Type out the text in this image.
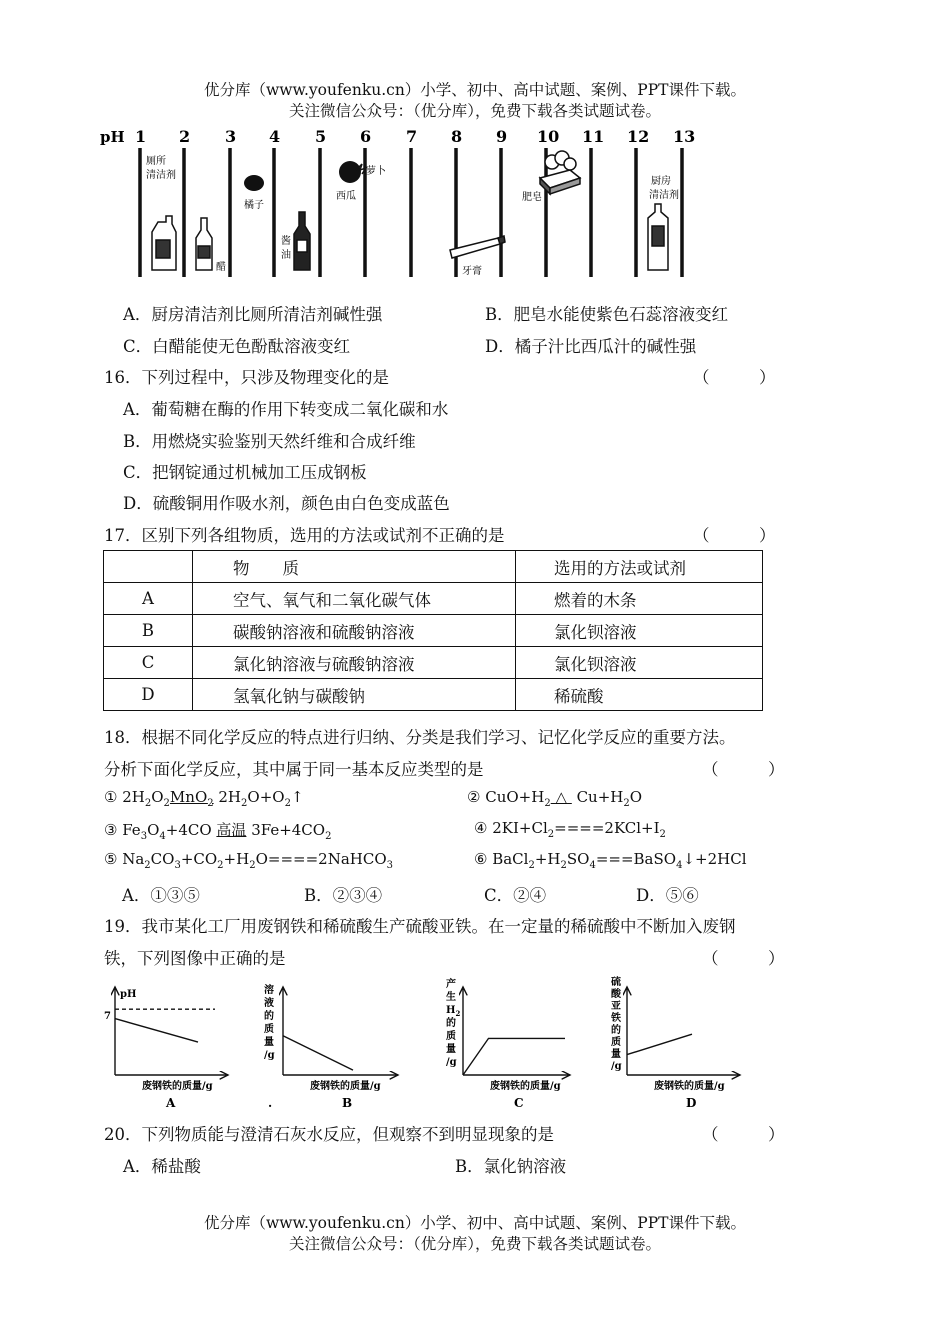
优分库（www.youfenku.cn）小学、初中、高中试题、案例、PPT课件下载。
关注微信公众号：（优分库），免费下载各类试题试卷。
pH 1 2 3 4 5 6 7 8 9 10 11 12 13
厕所
清洁剂
醋
橘子
酱
油
西瓜
萝卜
牙膏
肥皂
厨房
清洁剂
A．厨房清洁剂比厕所清洁剂碱性强	B．肥皂水能使紫色石蕊溶液变红
C．白醋能使无色酚酞溶液变红	D．橘子汁比西瓜汁的碱性强
16．下列过程中，只涉及物理变化的是	（　　　）
A．葡萄糖在酶的作用下转变成二氧化碳和水
B．用燃烧实验鉴别天然纤维和合成纤维
C．把钢锭通过机械加工压成钢板
D．硫酸铜用作吸水剂，颜色由白色变成蓝色
17．区别下列各组物质，选用的方法或试剂不正确的是	（　　　）
	物　　质	选用的方法或试剂
A	空气、氧气和二氧化碳气体	燃着的木条
B	碳酸钠溶液和硫酸钠溶液	氯化钡溶液
C	氯化钠溶液与硫酸钠溶液	氯化钡溶液
D	氢氧化钠与碳酸钠	稀硫酸
18．根据不同化学反应的特点进行归纳、分类是我们学习、记忆化学反应的重要方法。
分析下面化学反应，其中属于同一基本反应类型的是	（　　　）
① $2H_2O_2MnO_2$ $2H_2O+O_2↑$	② $CuO+H_2$ △  $Cu+H_2O$
③ $Fe_3O_4+4CO$ 高温 $3Fe+4CO_2$	④ $2KI+Cl_2====2KCl+I_2$
⑤ $Na_2CO_3+CO_2+H_2O====2NaHCO_3$	⑥ $BaCl_2+H_2SO_4===BaSO_4↓+2HCl$
A．①③⑤	B．②③④	C．②④	D．⑤⑥
19．我市某化工厂用废钢铁和稀硫酸生产硫酸亚铁。在一定量的稀硫酸中不断加入废钢
铁，下列图像中正确的是	（　　　）
pH
7
溶
液
的
质
量
/g
产
生
$H_2$
的
质
量
/g
硫
酸
亚
铁
的
质
量
/g
废钢铁的质量/g	废钢铁的质量/g	废钢铁的质量/g	废钢铁的质量/g
A	.	B	C	D
20．下列物质能与澄清石灰水反应，但观察不到明显现象的是	（　　　）
A．稀盐酸	B．氯化钠溶液
优分库（www.youfenku.cn）小学、初中、高中试题、案例、PPT课件下载。
关注微信公众号：（优分库），免费下载各类试题试卷。
